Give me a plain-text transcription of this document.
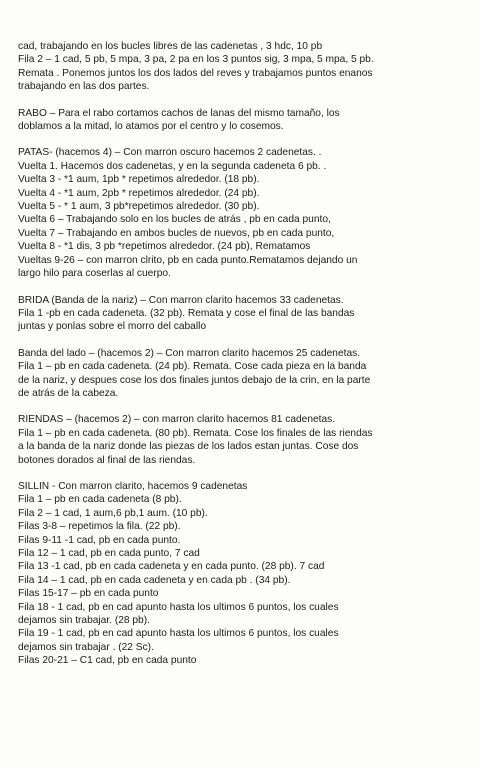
cad, trabajando en los bucles libres de las cadenetas , 3 hdc, 10 pb
Fila 2 – 1 cad, 5 pb, 5 mpa, 3 pa, 2 pa en los 3 puntos sig, 3 mpa, 5 mpa, 5 pb.
Remata . Ponemos juntos los dos lados del reves y trabajamos puntos enanos
trabajando en las dos partes.
RABO – Para el rabo cortamos cachos de lanas del mismo tamaño, los
doblamos a la mitad, lo atamos por el centro y lo cosemos.
PATAS- (hacemos 4) – Con marron oscuro hacemos 2 cadenetas. .
Vuelta 1. Hacemos dos cadenetas, y en la segunda cadeneta 6 pb. .
Vuelta 3 - *1 aum, 1pb * repetimos alrededor. (18 pb).
Vuelta 4 - *1 aum, 2pb * repetimos alrededor. (24 pb).
Vuelta 5 - * 1 aum, 3 pb*repetimos alrededor. (30 pb).
Vuelta 6 – Trabajando solo en los bucles de atrás , pb en cada punto,
Vuelta 7 – Trabajando en ambos bucles de nuevos, pb en cada punto,
Vuelta 8 - *1 dis, 3 pb *repetimos alrededor. (24 pb), Rematamos
Vueltas 9-26 – con marron clrito, pb en cada punto.Rematamos dejando un
largo hilo para coserlas al cuerpo.
BRIDA (Banda de la nariz) – Con marron clarito hacemos 33 cadenetas.
Fila 1 -pb en cada cadeneta. (32 pb). Remata y cose el final de las bandas
juntas y ponlas sobre el morro del caballo
Banda del lado – (hacemos 2) – Con marron clarito hacemos 25 cadenetas.
Fila 1 – pb en cada cadeneta. (24 pb). Remata. Cose cada pieza en la banda
de la nariz, y despues cose los dos finales juntos debajo de la crin, en la parte
de atrás de la cabeza.
RIENDAS – (hacemos 2) – con marron clarito hacemos 81 cadenetas.
Fila 1 – pb en cada cadeneta. (80 pb). Remata. Cose los finales de las riendas
a la banda de la nariz donde las piezas de los lados estan juntas. Cose dos
botones dorados al final de las riendas.
SILLIN - Con marron clarito, hacemos 9 cadenetas
Fila 1 – pb en cada cadeneta (8 pb).
Fila 2 – 1 cad, 1 aum,6 pb,1 aum. (10 pb).
Filas 3-8 – repetimos la fila. (22 pb).
Filas 9-11 -1 cad, pb en cada punto.
Fila 12 – 1 cad, pb en cada punto, 7 cad
Fila 13 -1 cad, pb en cada cadeneta y en cada punto. (28 pb). 7 cad
Fila 14 – 1 cad, pb en cada cadeneta y en cada pb . (34 pb).
Filas 15-17 – pb en cada punto
Fila 18 - 1 cad, pb en cad apunto hasta los ultimos 6 puntos, los cuales
dejamos sin trabajar. (28 pb).
Fila 19 - 1 cad, pb en cad apunto hasta los ultimos 6 puntos, los cuales
dejamos sin trabajar . (22 Sc).
Filas 20-21 – C1 cad, pb en cada punto
